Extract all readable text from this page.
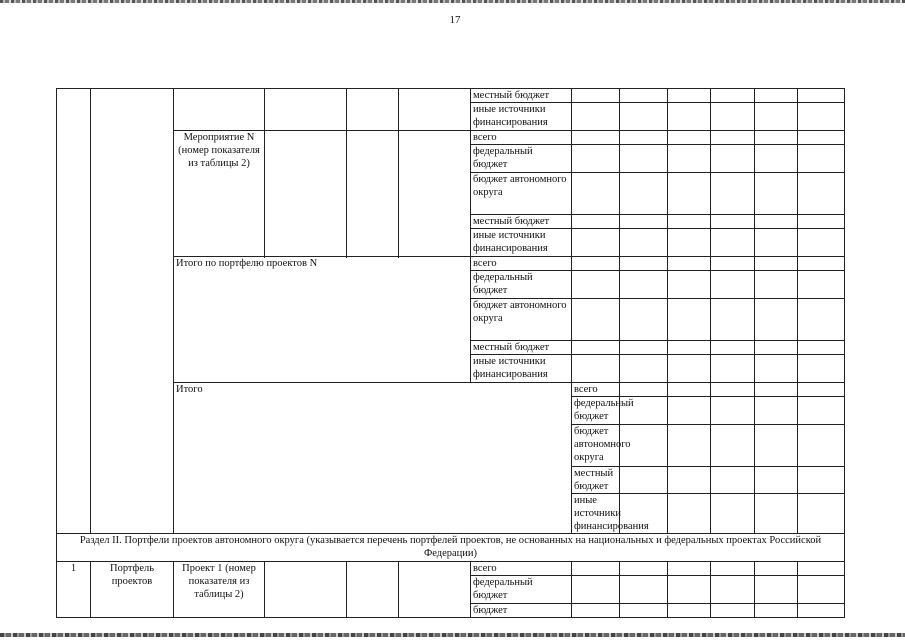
17
						местный бюджет							
						иные источники финансирования							

		Мероприятие N (номер показателя из таблицы 2)				всего							
						федеральный бюджет							

						бюджет автономного округа							

						местный бюджет							
						иные источники финансирования							

		Итого по портфелю проектов N				всего							
						федеральный бюджет							

						бюджет автономного округа							

						местный бюджет							
						иные источники финансирования							

		Итого					всего						
							федеральный бюджет						

							бюджет автономного округа						

							местный бюджет						
							иные источники финансирования						

Раздел II. Портфели проектов автономного округа (указывается перечень портфелей проектов, не основанных на национальных и федеральных проектах Российской Федерации)													
1	Портфель проектов	Проект 1 (номер показателя из таблицы 2)				всего							
						федеральный бюджет							

						бюджет							
